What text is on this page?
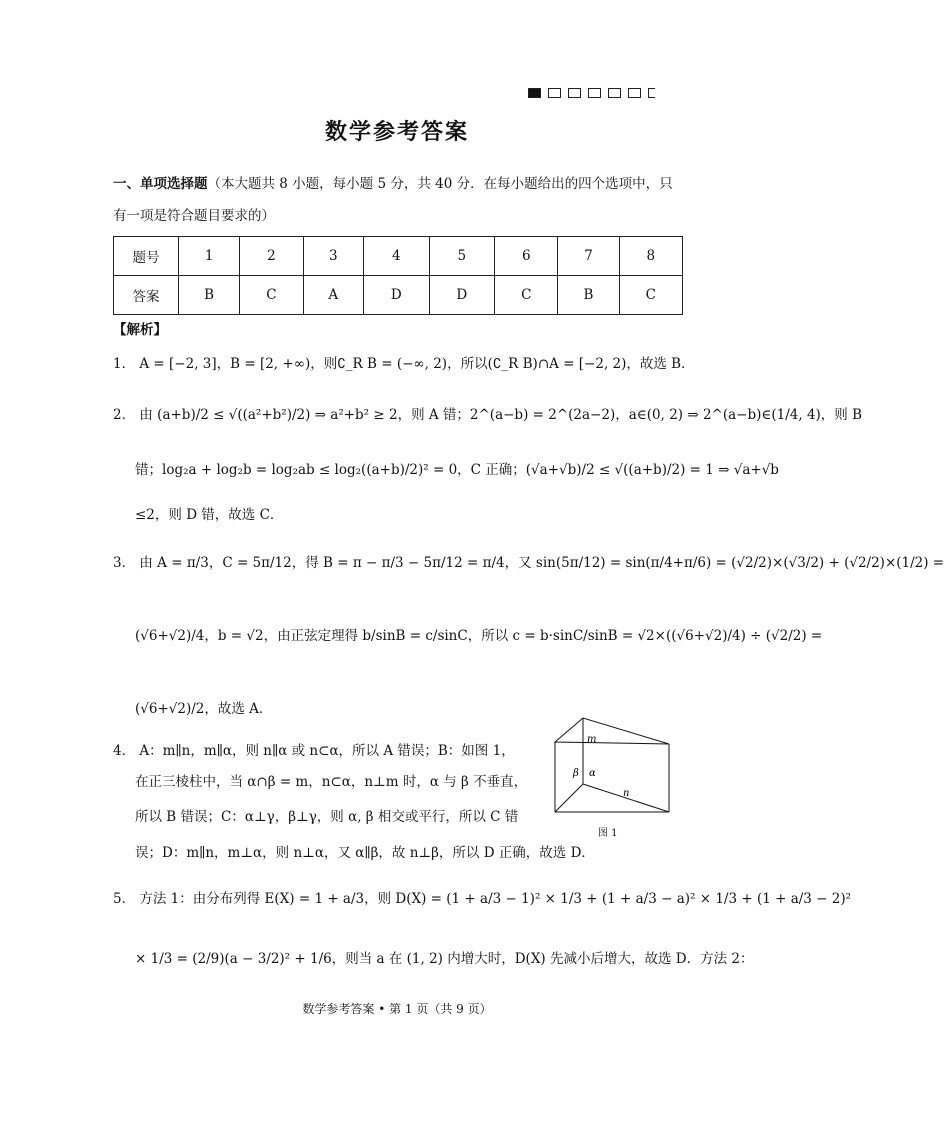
数学参考答案

一、单项选择题（本大题共 8 小题，每小题 5 分，共 40 分．在每小题给出的四个选项中，只有一项是符合题目要求的）

题号	1	2	3	4	5	6	7	8
答案	B	C	A	D	D	C	B	C
【解析】
1． A = [−2, 3]，B = [2, +∞)，则∁_R B = (−∞, 2)，所以(∁_R B)∩A = [−2, 2)，故选 B．
2． 由 (a+b)/2 ≤ √((a²+b²)/2) ⇒ a²+b² ≥ 2，则 A 错；2^(a−b) = 2^(2a−2)，a∈(0, 2) ⇒ 2^(a−b)∈(1/4, 4)，则 B
错；log₂a + log₂b = log₂ab ≤ log₂((a+b)/2)² = 0，C 正确；(√a+√b)/2 ≤ √((a+b)/2) = 1 ⇒ √a+√b
≤2，则 D 错，故选 C．
3． 由 A = π/3，C = 5π/12，得 B = π − π/3 − 5π/12 = π/4，又 sin(5π/12) = sin(π/4+π/6) = (√2/2)×(√3/2) + (√2/2)×(1/2) =
(√6+√2)/4，b = √2，由正弦定理得 b/sinB = c/sinC，所以 c = b·sinC/sinB = √2×((√6+√2)/4) ÷ (√2/2) =
(√6+√2)/2，故选 A．
4． A：m∥n，m∥α，则 n∥α 或 n⊂α，所以 A 错误；B：如图 1，
在正三棱柱中，当 α∩β = m，n⊂α，n⊥m 时，α 与 β 不垂直，
所以 B 错误；C：α⊥γ，β⊥γ，则 α, β 相交或平行，所以 C 错
误；D：m∥n，m⊥α，则 n⊥α，又 α∥β，故 n⊥β，所以 D 正确，故选 D．
5． 方法 1：由分布列得 E(X) = 1 + a/3，则 D(X) = (1 + a/3 − 1)² × 1/3 + (1 + a/3 − a)² × 1/3 + (1 + a/3 − 2)²
× 1/3 = (2/9)(a − 3/2)² + 1/6，则当 a 在 (1, 2) 内增大时，D(X) 先减小后增大，故选 D．方法 2：
m
β α
n
图 1
数学参考答案 • 第 1 页（共 9 页）
